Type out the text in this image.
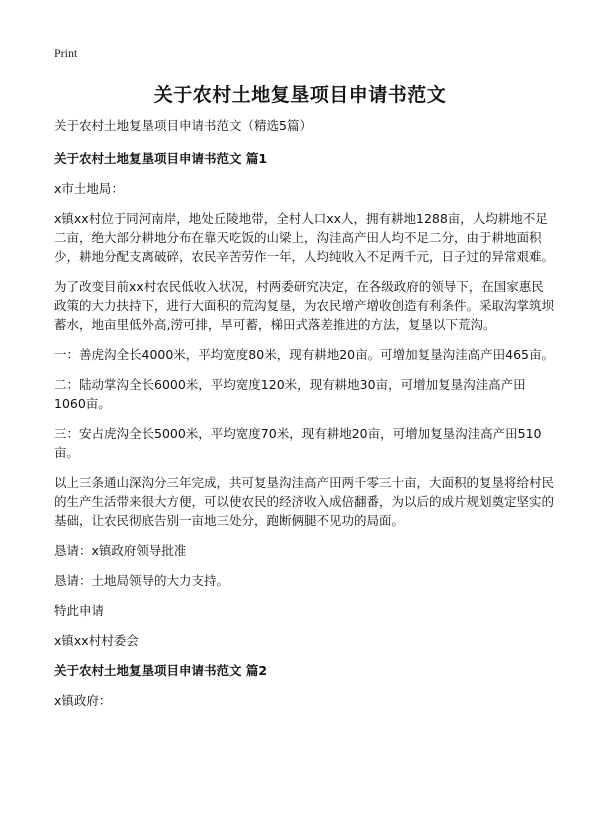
Print
关于农村土地复垦项目申请书范文

关于农村土地复垦项目申请书范文（精选5篇）

关于农村土地复垦项目申请书范文 篇1

x市土地局：

x镇xx村位于同河南岸，地处丘陵地带，全村人口xx人，拥有耕地1288亩，人均耕地不足二亩，绝大部分耕地分布在靠天吃饭的山梁上，沟洼高产田人均不足二分，由于耕地面积少，耕地分配支离破碎，农民辛苦劳作一年，人均纯收入不足两千元，日子过的异常艰难。

为了改变目前xx村农民低收入状况，村两委研究决定，在各级政府的领导下，在国家惠民政策的大力扶持下，进行大面积的荒沟复垦，为农民增产增收创造有利条件。采取沟掌筑坝蓄水，地亩里低外高,涝可排，旱可蓄，梯田式落差推进的方法，复垦以下荒沟。

一：善虎沟全长4000米，平均宽度80米，现有耕地20亩。可增加复垦沟洼高产田465亩。

二：陆动掌沟全长6000米，平均宽度120米，现有耕地30亩，可增加复垦沟洼高产田1060亩。

三：安占虎沟全长5000米，平均宽度70米，现有耕地20亩，可增加复垦沟洼高产田510亩。

以上三条通山深沟分三年完成，共可复垦沟洼高产田两千零三十亩，大面积的复垦将给村民的生产生活带来很大方便，可以使农民的经济收入成倍翻番，为以后的成片规划奠定坚实的基础，让农民彻底告别一亩地三处分，跑断俩腿不见功的局面。

恳请：x镇政府领导批准

恳请：土地局领导的大力支持。

特此申请

x镇xx村村委会

关于农村土地复垦项目申请书范文 篇2

x镇政府：
